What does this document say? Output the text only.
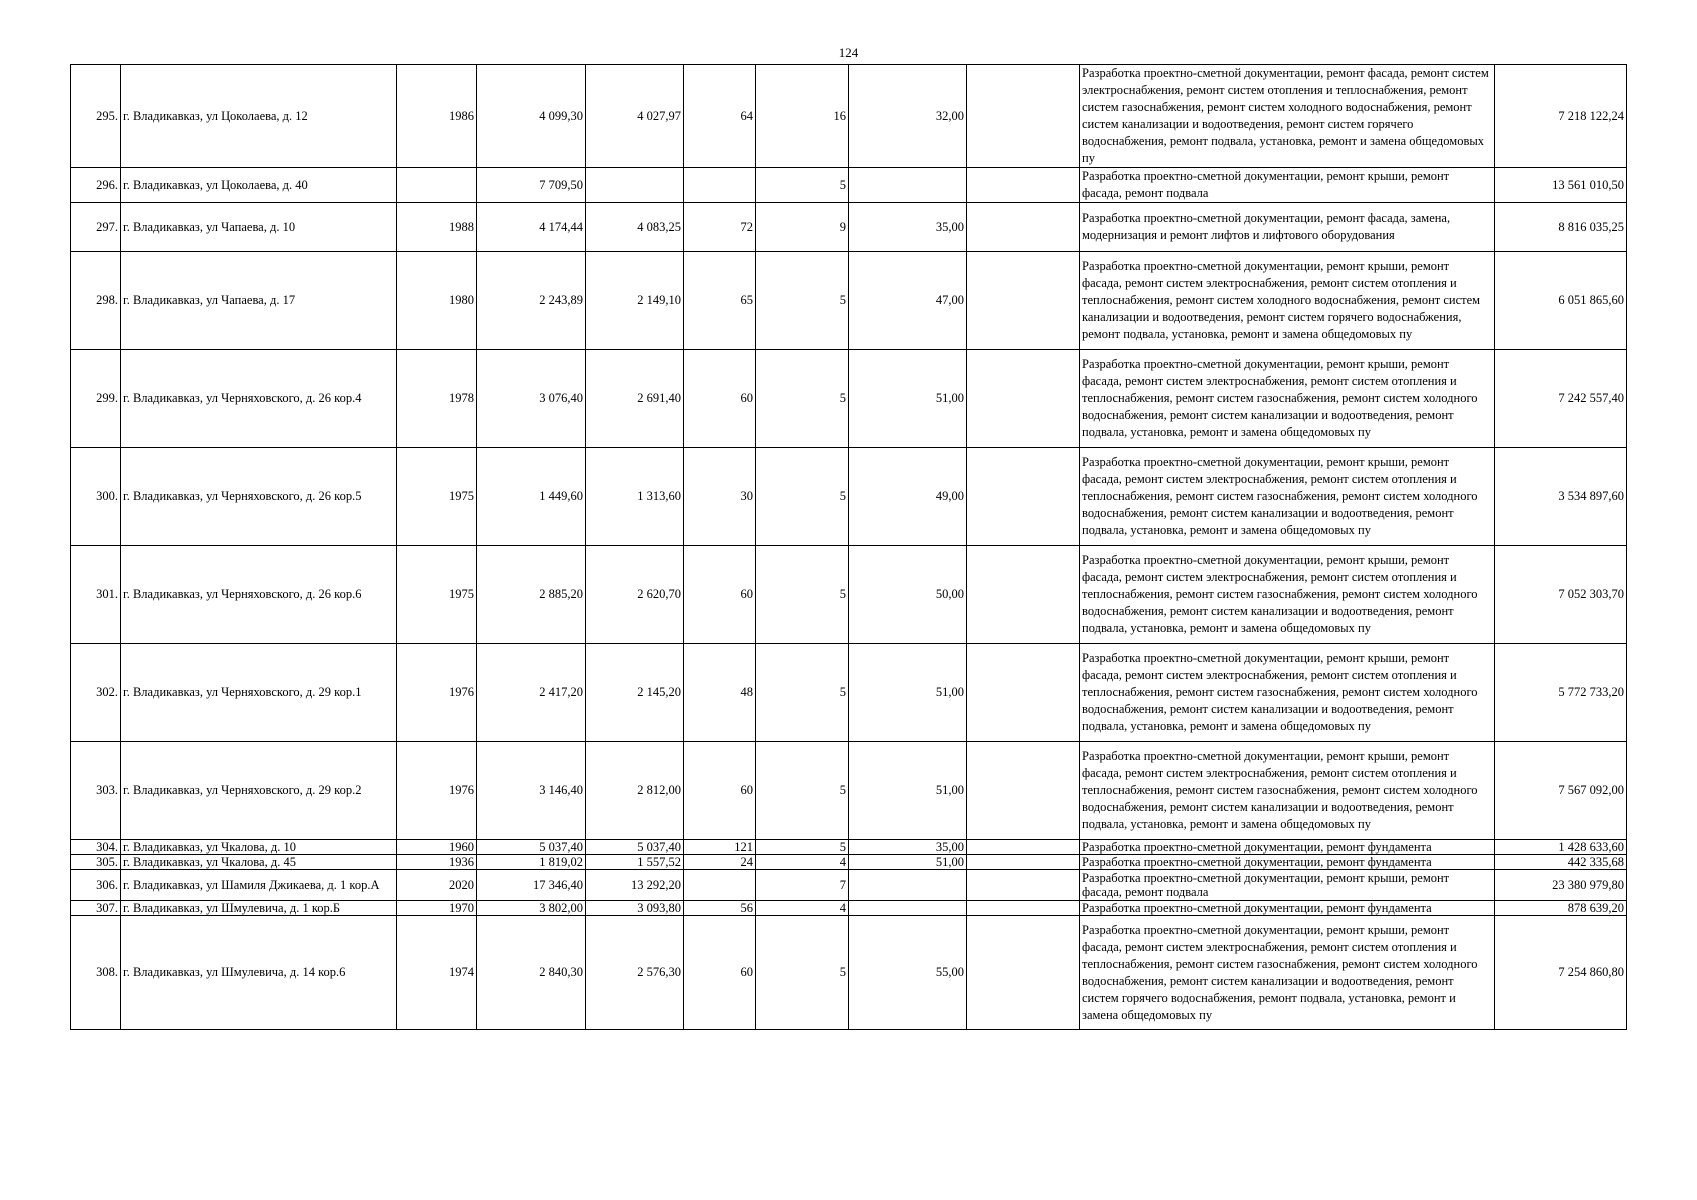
124
295.	г. Владикавказ, ул Цоколаева, д. 12	1986	4 099,30	4 027,97	64	16	32,00		Разработка проектно-сметной документации, ремонт фасада, ремонт систем электроснабжения, ремонт систем отопления и теплоснабжения, ремонт систем газоснабжения, ремонт систем холодного водоснабжения, ремонт систем канализации и водоотведения, ремонт систем горячего водоснабжения, ремонт подвала, установка, ремонт и замена общедомовых пу	7 218 122,24
296.	г. Владикавказ, ул Цоколаева, д. 40		7 709,50			5			Разработка проектно-сметной документации, ремонт крыши, ремонт фасада, ремонт подвала	13 561 010,50
297.	г. Владикавказ, ул Чапаева, д. 10	1988	4 174,44	4 083,25	72	9	35,00		Разработка проектно-сметной документации, ремонт фасада, замена, модернизация и ремонт лифтов и лифтового оборудования	8 816 035,25
298.	г. Владикавказ, ул Чапаева, д. 17	1980	2 243,89	2 149,10	65	5	47,00		Разработка проектно-сметной документации, ремонт крыши, ремонт фасада, ремонт систем электроснабжения, ремонт систем отопления и теплоснабжения, ремонт систем холодного водоснабжения, ремонт систем канализации и водоотведения, ремонт систем горячего водоснабжения, ремонт подвала, установка, ремонт и замена общедомовых пу	6 051 865,60
299.	г. Владикавказ, ул Черняховского, д. 26 кор.4	1978	3 076,40	2 691,40	60	5	51,00		Разработка проектно-сметной документации, ремонт крыши, ремонт фасада, ремонт систем электроснабжения, ремонт систем отопления и теплоснабжения, ремонт систем газоснабжения, ремонт систем холодного водоснабжения, ремонт систем канализации и водоотведения, ремонт подвала, установка, ремонт и замена общедомовых пу	7 242 557,40
300.	г. Владикавказ, ул Черняховского, д. 26 кор.5	1975	1 449,60	1 313,60	30	5	49,00		Разработка проектно-сметной документации, ремонт крыши, ремонт фасада, ремонт систем электроснабжения, ремонт систем отопления и теплоснабжения, ремонт систем газоснабжения, ремонт систем холодного водоснабжения, ремонт систем канализации и водоотведения, ремонт подвала, установка, ремонт и замена общедомовых пу	3 534 897,60
301.	г. Владикавказ, ул Черняховского, д. 26 кор.6	1975	2 885,20	2 620,70	60	5	50,00		Разработка проектно-сметной документации, ремонт крыши, ремонт фасада, ремонт систем электроснабжения, ремонт систем отопления и теплоснабжения, ремонт систем газоснабжения, ремонт систем холодного водоснабжения, ремонт систем канализации и водоотведения, ремонт подвала, установка, ремонт и замена общедомовых пу	7 052 303,70
302.	г. Владикавказ, ул Черняховского, д. 29 кор.1	1976	2 417,20	2 145,20	48	5	51,00		Разработка проектно-сметной документации, ремонт крыши, ремонт фасада, ремонт систем электроснабжения, ремонт систем отопления и теплоснабжения, ремонт систем газоснабжения, ремонт систем холодного водоснабжения, ремонт систем канализации и водоотведения, ремонт подвала, установка, ремонт и замена общедомовых пу	5 772 733,20
303.	г. Владикавказ, ул Черняховского, д. 29 кор.2	1976	3 146,40	2 812,00	60	5	51,00		Разработка проектно-сметной документации, ремонт крыши, ремонт фасада, ремонт систем электроснабжения, ремонт систем отопления и теплоснабжения, ремонт систем газоснабжения, ремонт систем холодного водоснабжения, ремонт систем канализации и водоотведения, ремонт подвала, установка, ремонт и замена общедомовых пу	7 567 092,00
304.	г. Владикавказ, ул Чкалова, д. 10	1960	5 037,40	5 037,40	121	5	35,00		Разработка проектно-сметной документации, ремонт фундамента	1 428 633,60
305.	г. Владикавказ, ул Чкалова, д. 45	1936	1 819,02	1 557,52	24	4	51,00		Разработка проектно-сметной документации, ремонт фундамента	442 335,68
306.	г. Владикавказ, ул Шамиля Джикаева, д. 1 кор.А	2020	17 346,40	13 292,20		7			Разработка проектно-сметной документации, ремонт крыши, ремонт фасада, ремонт подвала	23 380 979,80
307.	г. Владикавказ, ул Шмулевича, д. 1 кор.Б	1970	3 802,00	3 093,80	56	4			Разработка проектно-сметной документации, ремонт фундамента	878 639,20
308.	г. Владикавказ, ул Шмулевича, д. 14 кор.6	1974	2 840,30	2 576,30	60	5	55,00		Разработка проектно-сметной документации, ремонт крыши, ремонт фасада, ремонт систем электроснабжения, ремонт систем отопления и теплоснабжения, ремонт систем газоснабжения, ремонт систем холодного водоснабжения, ремонт систем канализации и водоотведения, ремонт систем горячего водоснабжения, ремонт подвала, установка, ремонт и замена общедомовых пу	7 254 860,80
